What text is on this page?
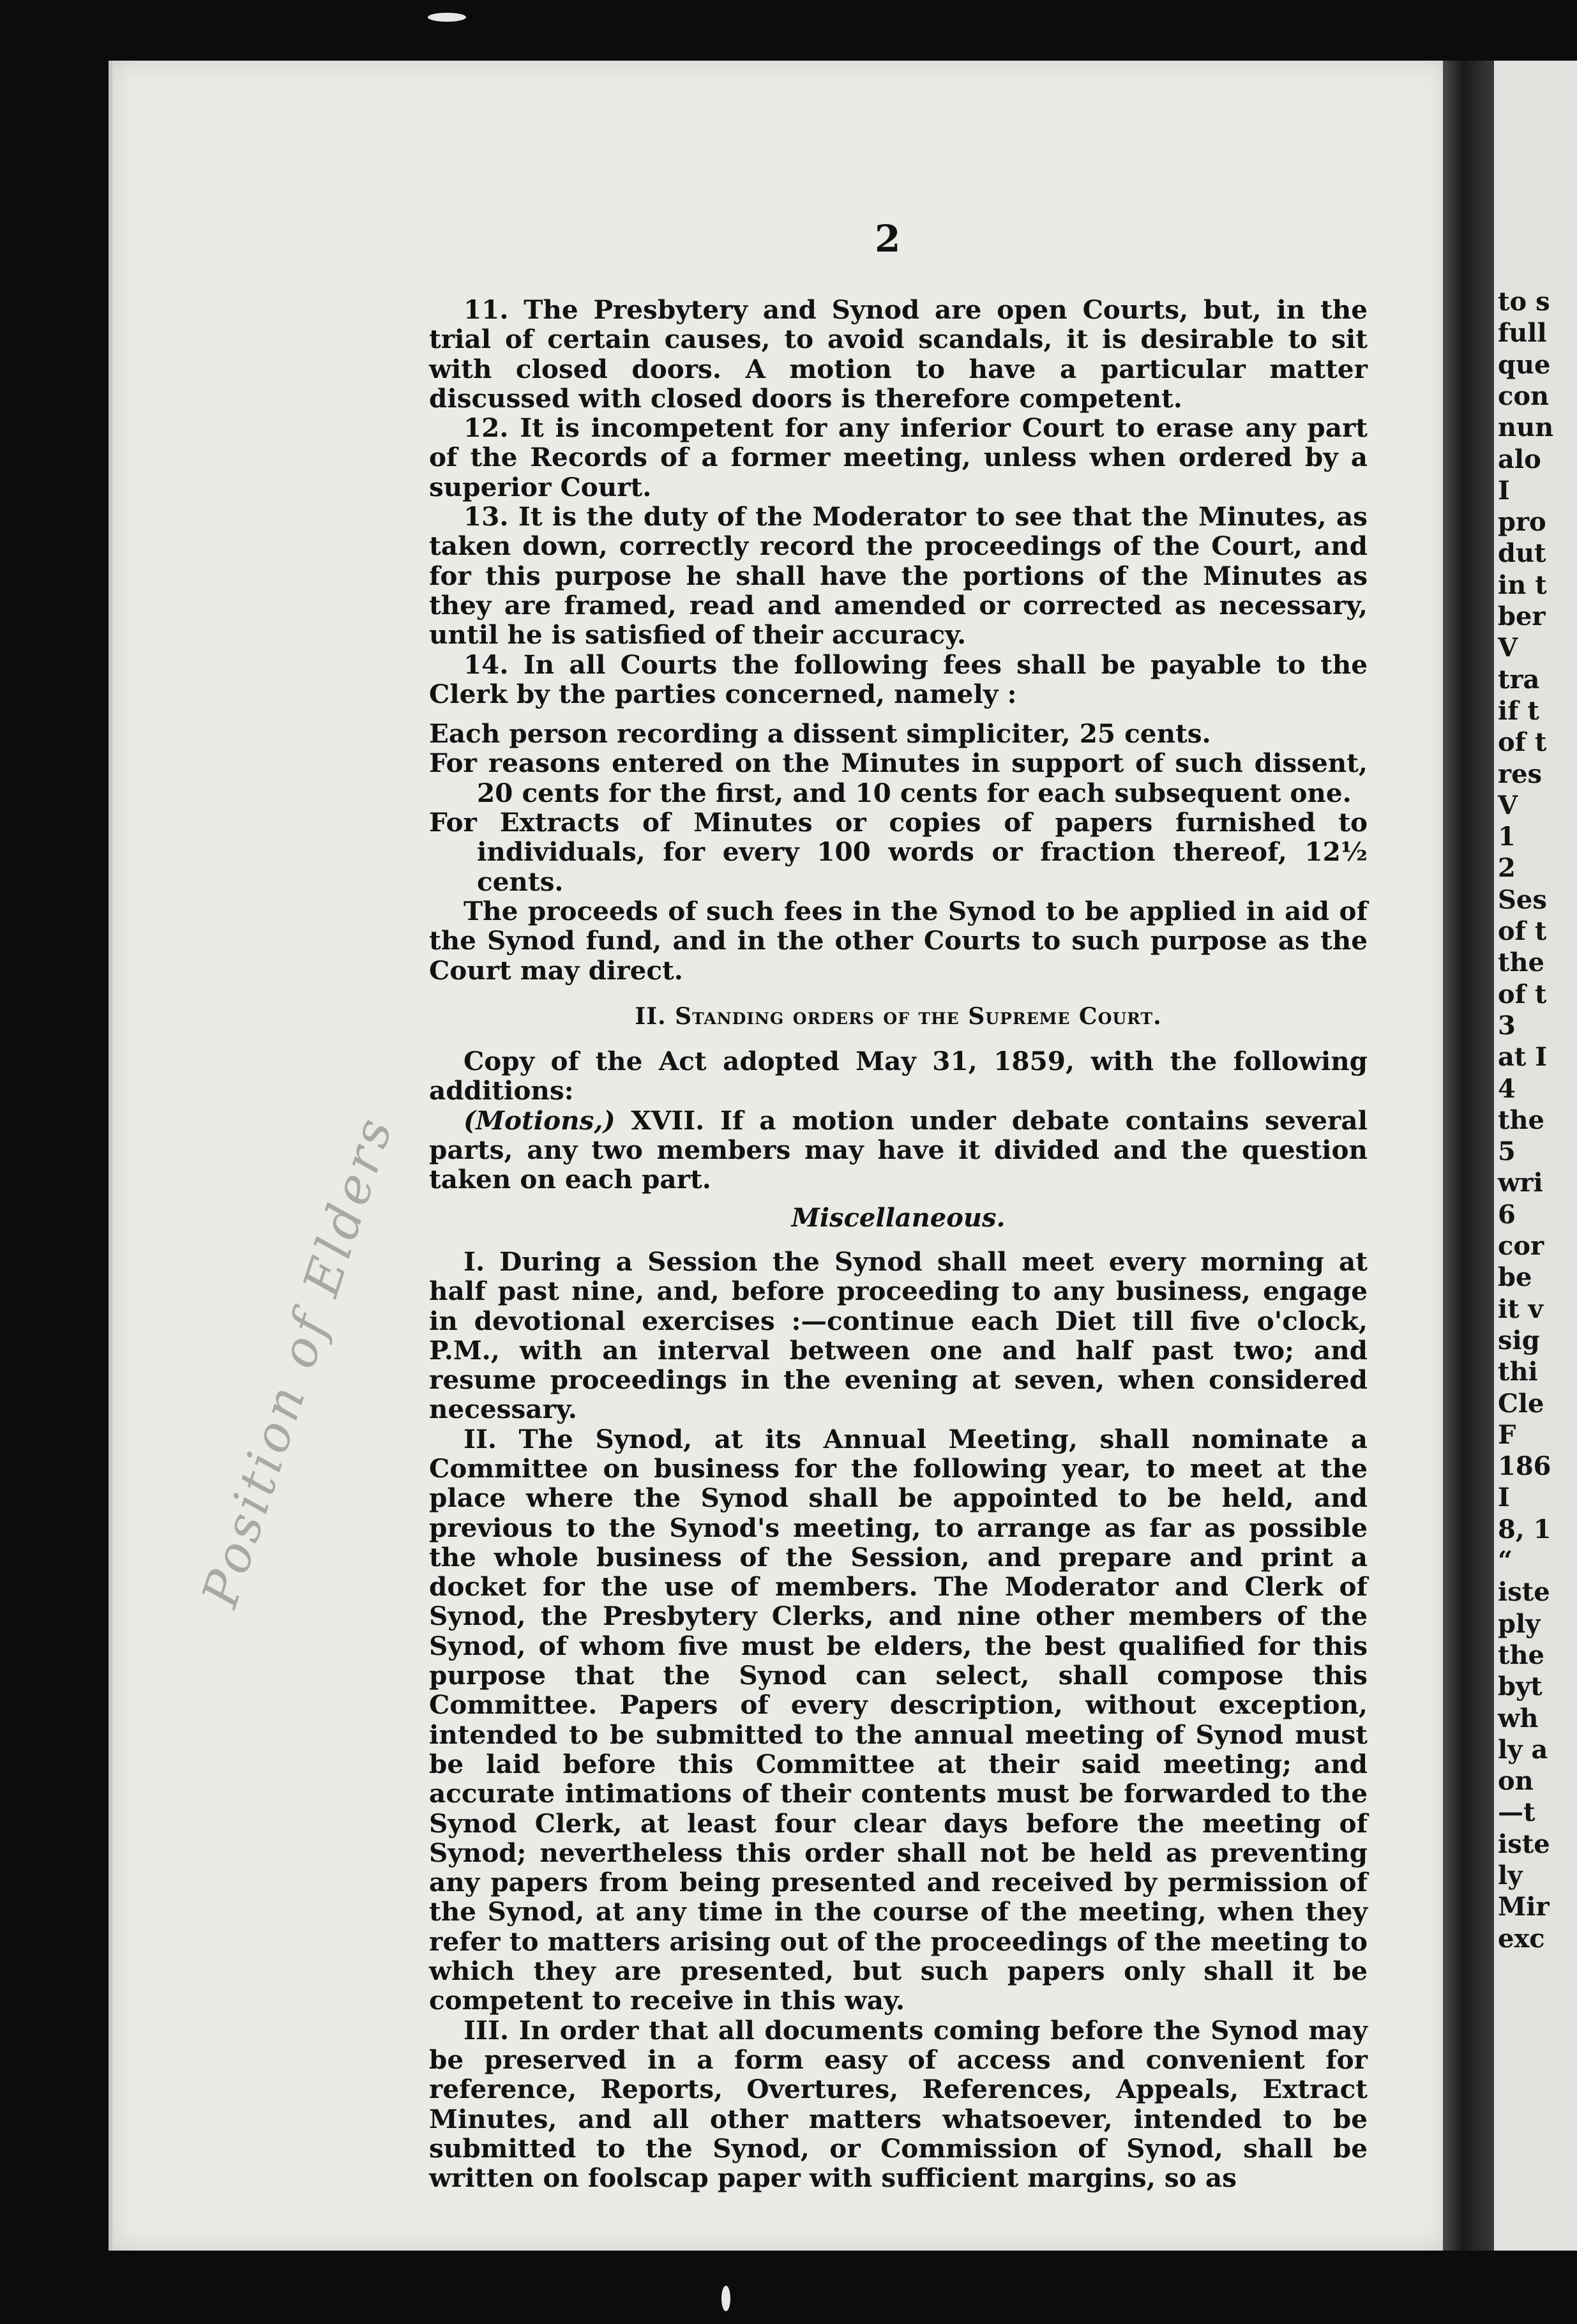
to s
full
que
con
nun
alo
I
pro
dut
in t
ber
V
tra
if t
of t
res
V
1
2
Ses
of t
the
of t
3
at I
4
the
5
wri
6
cor
be
it v
sig
thi
Cle
F
186
I
8, 1
“
iste
ply
the
byt
wh
ly a
on
—t
iste
ly
Mir
exc
2
Position of Elders

11. The Presbytery and Synod are open Courts, but, in the trial of certain causes, to avoid scandals, it is desirable to sit with closed doors. A motion to have a particular matter discussed with closed doors is therefore competent.

12. It is incompetent for any inferior Court to erase any part of the Records of a former meeting, unless when ordered by a superior Court.

13. It is the duty of the Moderator to see that the Minutes, as taken down, correctly record the proceedings of the Court, and for this purpose he shall have the portions of the Minutes as they are framed, read and amended or corrected as necessary, until he is satisfied of their accuracy.

14. In all Courts the following fees shall be payable to the Clerk by the parties concerned, namely :

Each person recording a dissent simpliciter, 25 cents.

For reasons entered on the Minutes in support of such dissent, 20 cents for the first, and 10 cents for each subsequent one.

For Extracts of Minutes or copies of papers furnished to individuals, for every 100 words or fraction thereof, 12½ cents.

The proceeds of such fees in the Synod to be applied in aid of the Synod fund, and in the other Courts to such purpose as the Court may direct.

II. Standing orders of the Supreme Court.

Copy of the Act adopted May 31, 1859, with the following additions:

(Motions,) XVII. If a motion under debate contains several parts, any two members may have it divided and the question taken on each part.

Miscellaneous.

I. During a Session the Synod shall meet every morning at half past nine, and, before proceeding to any business, engage in devotional exercises :—continue each Diet till five o'clock, P.M., with an interval between one and half past two; and resume proceedings in the evening at seven, when considered necessary.

II. The Synod, at its Annual Meeting, shall nominate a Committee on business for the following year, to meet at the place where the Synod shall be appointed to be held, and previous to the Synod's meeting, to arrange as far as possible the whole business of the Session, and prepare and print a docket for the use of members. The Moderator and Clerk of Synod, the Presbytery Clerks, and nine other members of the Synod, of whom five must be elders, the best qualified for this purpose that the Synod can select, shall compose this Committee. Papers of every description, without exception, intended to be submitted to the annual meeting of Synod must be laid before this Committee at their said meeting; and accurate intimations of their contents must be forwarded to the Synod Clerk, at least four clear days before the meeting of Synod; nevertheless this order shall not be held as preventing any papers from being presented and received by permission of the Synod, at any time in the course of the meeting, when they refer to matters arising out of the proceedings of the meeting to which they are presented, but such papers only shall it be competent to receive in this way.

III. In order that all documents coming before the Synod may be preserved in a form easy of access and convenient for reference, Reports, Overtures, References, Appeals, Extract Minutes, and all other matters whatsoever, intended to be submitted to the Synod, or Commission of Synod, shall be written on foolscap paper with sufficient margins, so as
